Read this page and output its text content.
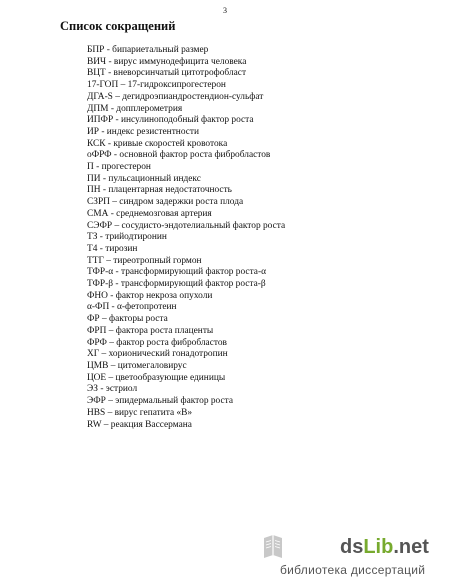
3
Список сокращений
БПР - бипариетальный размер
ВИЧ - вирус иммунодефицита человека
ВЦТ - вневорсинчатый цитотрофобласт
17-ГОП – 17-гидроксипрогестерон
ДГА-S – дегидроэпиандростендион-сульфат
ДПМ - допплерометрия
ИПФР - инсулиноподобный фактор роста
ИР - индекс резистентности
КСК - кривые скоростей кровотока
оФРФ - основной фактор роста фибробластов
П - прогестерон
ПИ - пульсационный индекс
ПН - плацентарная недостаточность
СЗРП – синдром задержки роста плода
СМА - среднемозговая артерия
СЭФР – сосудисто-эндотелиальный фактор роста
ТЗ - трийодтиронин
Т4 - тирозин
ТТГ – тиреотропный гормон
ТФР-α - трансформирующий фактор роста-α
ТФР-β - трансформирующий фактор роста-β
ФНО - фактор некроза опухоли
α-ФП - α-фетопротеин
ФР – факторы роста
ФРП – фактора роста плаценты
ФРФ – фактор роста фибробластов
ХГ – хорионический гонадотропин
ЦМВ – цитомегаловирус
ЦОЕ – цветообразующие единицы
ЭЗ - эстриол
ЭФР – эпидермальный фактор роста
HBS – вирус гепатита «В»
RW – реакция Вассермана
dsLib.net
библиотека диссертаций
